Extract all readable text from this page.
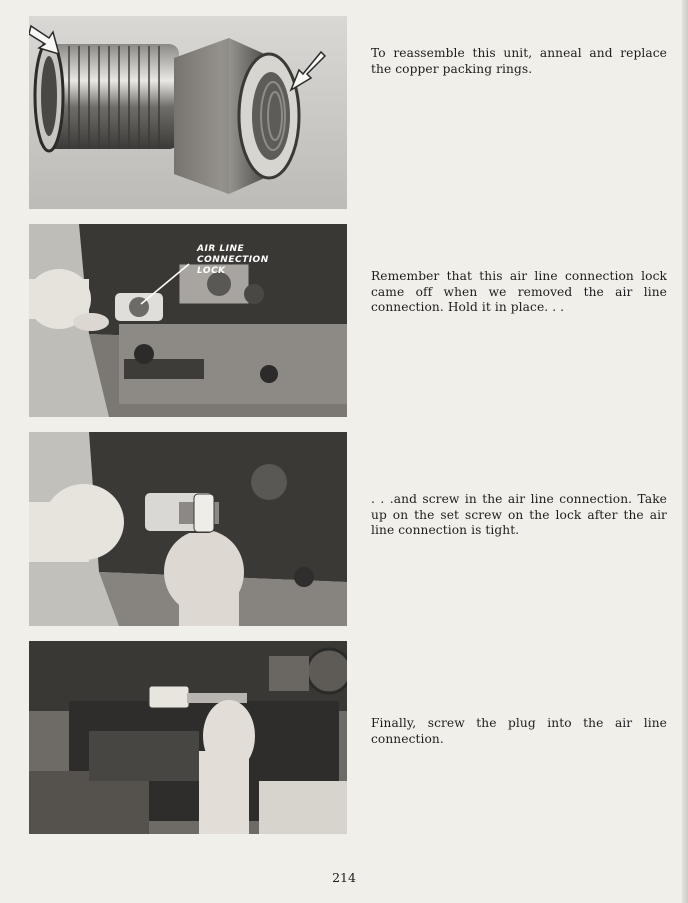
AIR LINE
CONNECTION
LOCK
To reassemble this unit, anneal and replace the copper packing rings.
Remember that this air line connection lock came off when we removed the air line connection. Hold it in place. . .
. . .and screw in the air line connection. Take up on the set screw on the lock after the air line connection is tight.
Finally, screw the plug into the air line connection.
214
